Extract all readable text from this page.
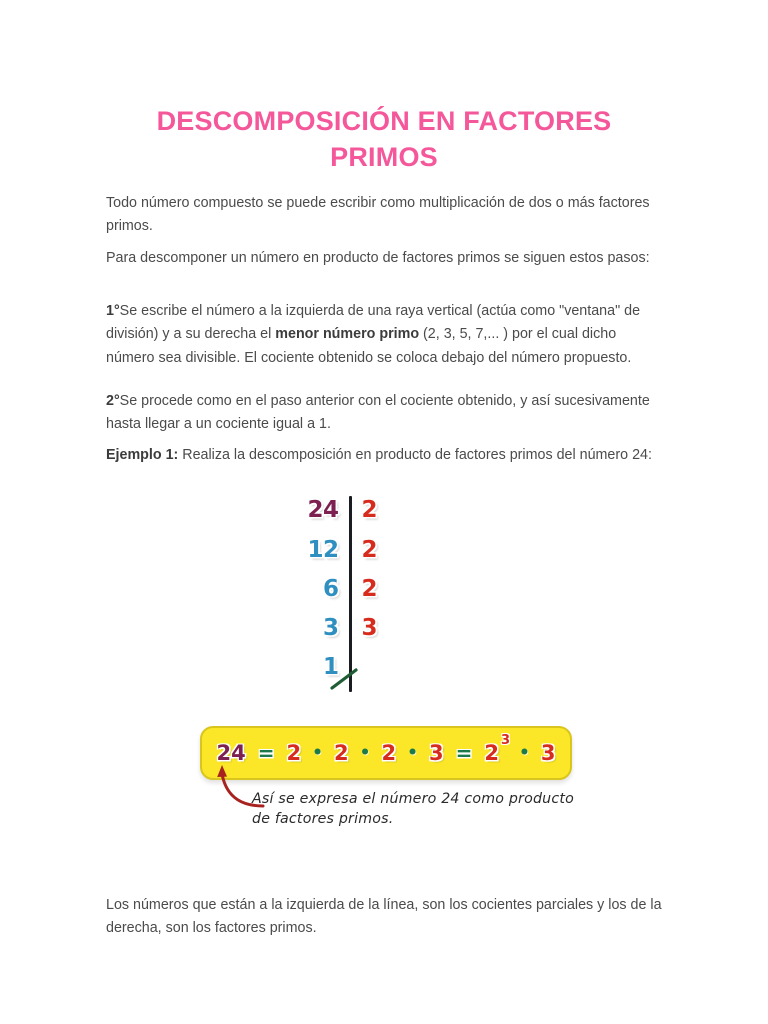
DESCOMPOSICIÓN EN FACTORES PRIMOS

Todo número compuesto se puede escribir como multiplicación de dos o más factores primos.

Para descomponer un número en producto de factores primos se siguen estos pasos:

1°Se escribe el número a la izquierda de una raya vertical (actúa como "ventana" de división) y a su derecha el menor número primo (2, 3, 5, 7,... ) por el cual dicho número sea divisible. El cociente obtenido se coloca debajo del número propuesto.

2°Se procede como en el paso anterior con el cociente obtenido, y así sucesivamente hasta llegar a un cociente igual a 1.

Ejemplo 1: Realiza la descomposición en producto de factores primos del número 24:

24	2
12	2
6	2
3	3
1
24 = 2 • 2 • 2 • 3 = 2
3
• 3
Así se expresa el número 24 como producto
de factores primos.

Los números que están a la izquierda de la línea, son los cocientes parciales y los de la derecha, son los factores primos.
